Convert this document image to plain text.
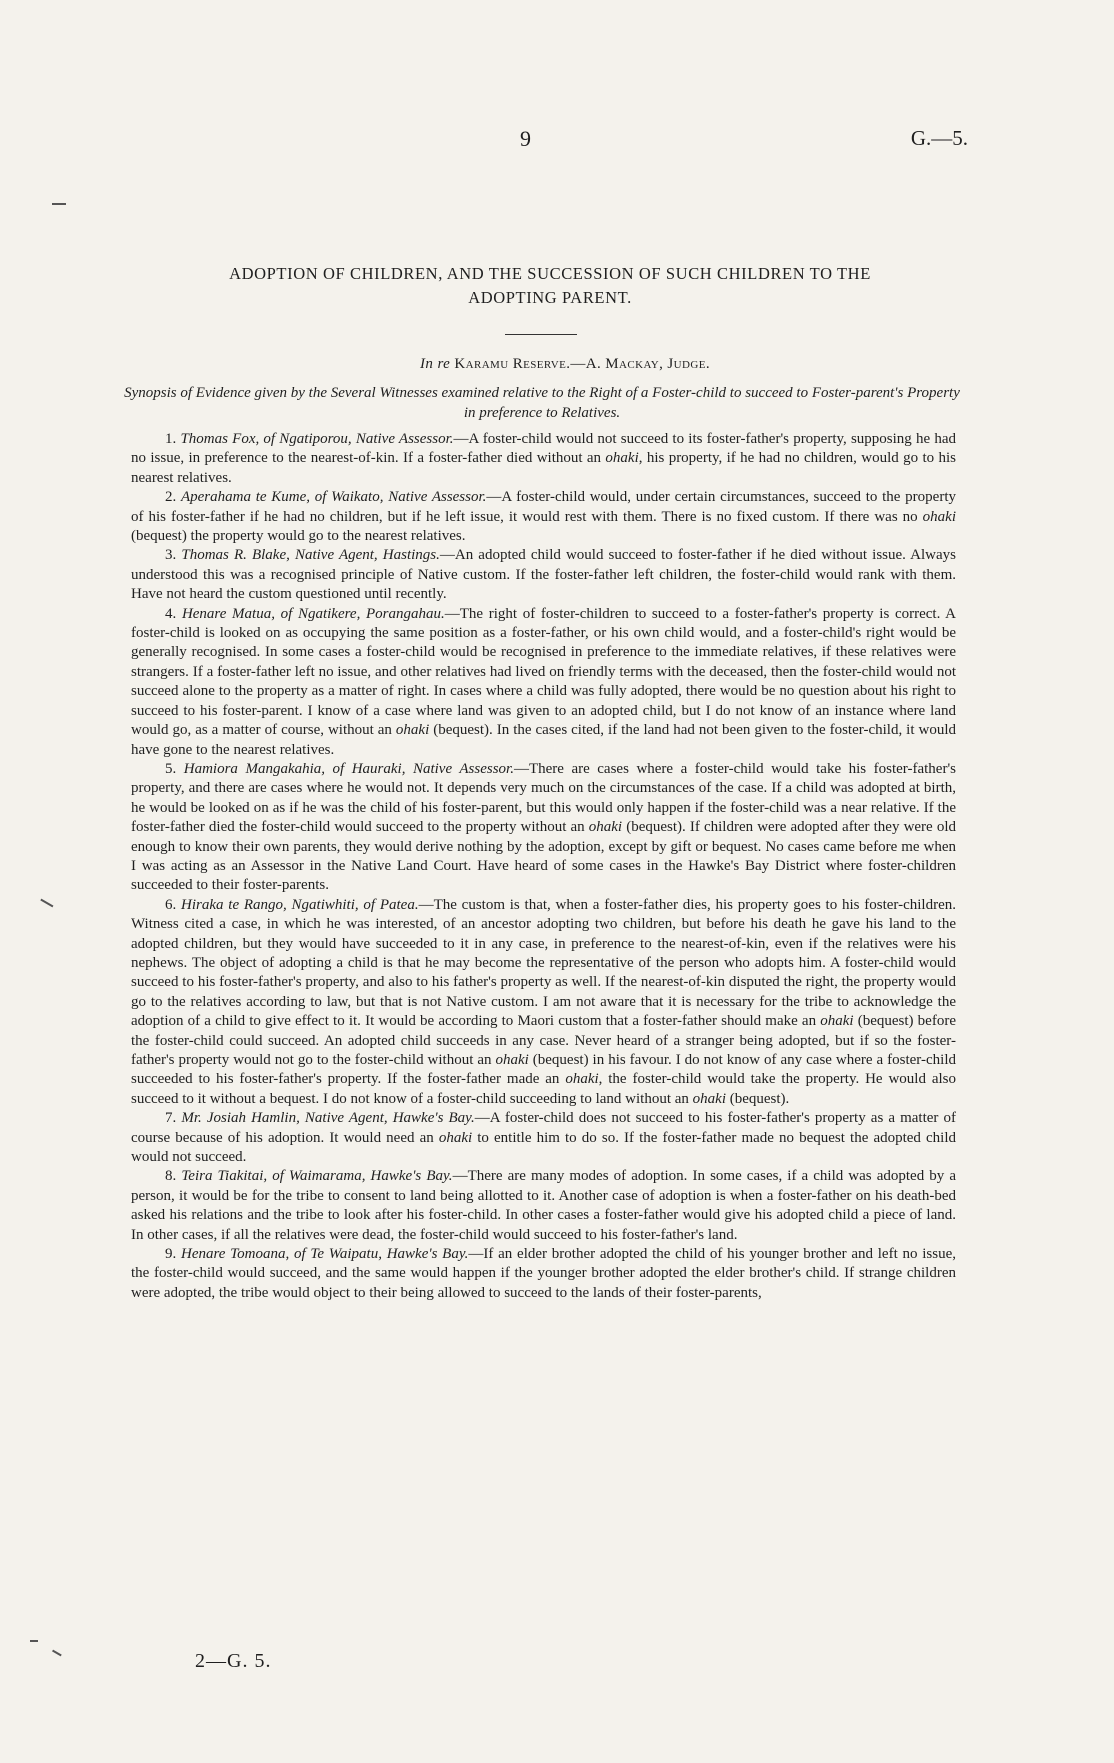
9	G.—5.
ADOPTION OF CHILDREN, AND THE SUCCESSION OF SUCH CHILDREN TO THE
ADOPTING PARENT.
In re Karamu Reserve.—A. Mackay, Judge.
Synopsis of Evidence given by the Several Witnesses examined relative to the Right of a Foster-child to succeed to Foster-parent's Property in preference to Relatives.

1. Thomas Fox, of Ngatiporou, Native Assessor.—A foster-child would not succeed to its foster-father's property, supposing he had no issue, in preference to the nearest-of-kin. If a foster-father died without an ohaki, his property, if he had no children, would go to his nearest relatives.

2. Aperahama te Kume, of Waikato, Native Assessor.—A foster-child would, under certain circumstances, succeed to the property of his foster-father if he had no children, but if he left issue, it would rest with them. There is no fixed custom. If there was no ohaki (bequest) the property would go to the nearest relatives.

3. Thomas R. Blake, Native Agent, Hastings.—An adopted child would succeed to foster-father if he died without issue. Always understood this was a recognised principle of Native custom. If the foster-father left children, the foster-child would rank with them. Have not heard the custom questioned until recently.

4. Henare Matua, of Ngatikere, Porangahau.—The right of foster-children to succeed to a foster-father's property is correct. A foster-child is looked on as occupying the same position as a foster-father, or his own child would, and a foster-child's right would be generally recognised. In some cases a foster-child would be recognised in preference to the immediate relatives, if these relatives were strangers. If a foster-father left no issue, and other relatives had lived on friendly terms with the deceased, then the foster-child would not succeed alone to the property as a matter of right. In cases where a child was fully adopted, there would be no question about his right to succeed to his foster-parent. I know of a case where land was given to an adopted child, but I do not know of an instance where land would go, as a matter of course, without an ohaki (bequest). In the cases cited, if the land had not been given to the foster-child, it would have gone to the nearest relatives.

5. Hamiora Mangakahia, of Hauraki, Native Assessor.—There are cases where a foster-child would take his foster-father's property, and there are cases where he would not. It depends very much on the circumstances of the case. If a child was adopted at birth, he would be looked on as if he was the child of his foster-parent, but this would only happen if the foster-child was a near relative. If the foster-father died the foster-child would succeed to the property without an ohaki (bequest). If children were adopted after they were old enough to know their own parents, they would derive nothing by the adoption, except by gift or bequest. No cases came before me when I was acting as an Assessor in the Native Land Court. Have heard of some cases in the Hawke's Bay District where foster-children succeeded to their foster-parents.

6. Hiraka te Rango, Ngatiwhiti, of Patea.—The custom is that, when a foster-father dies, his property goes to his foster-children. Witness cited a case, in which he was interested, of an ancestor adopting two children, but before his death he gave his land to the adopted children, but they would have succeeded to it in any case, in preference to the nearest-of-kin, even if the relatives were his nephews. The object of adopting a child is that he may become the representative of the person who adopts him. A foster-child would succeed to his foster-father's property, and also to his father's property as well. If the nearest-of-kin disputed the right, the property would go to the relatives according to law, but that is not Native custom. I am not aware that it is necessary for the tribe to acknowledge the adoption of a child to give effect to it. It would be according to Maori custom that a foster-father should make an ohaki (bequest) before the foster-child could succeed. An adopted child succeeds in any case. Never heard of a stranger being adopted, but if so the foster-father's property would not go to the foster-child without an ohaki (bequest) in his favour. I do not know of any case where a foster-child succeeded to his foster-father's property. If the foster-father made an ohaki, the foster-child would take the property. He would also succeed to it without a bequest. I do not know of a foster-child succeeding to land without an ohaki (bequest).

7. Mr. Josiah Hamlin, Native Agent, Hawke's Bay.—A foster-child does not succeed to his foster-father's property as a matter of course because of his adoption. It would need an ohaki to entitle him to do so. If the foster-father made no bequest the adopted child would not succeed.

8. Teira Tiakitai, of Waimarama, Hawke's Bay.—There are many modes of adoption. In some cases, if a child was adopted by a person, it would be for the tribe to consent to land being allotted to it. Another case of adoption is when a foster-father on his death-bed asked his relations and the tribe to look after his foster-child. In other cases a foster-father would give his adopted child a piece of land. In other cases, if all the relatives were dead, the foster-child would succeed to his foster-father's land.

9. Henare Tomoana, of Te Waipatu, Hawke's Bay.—If an elder brother adopted the child of his younger brother and left no issue, the foster-child would succeed, and the same would happen if the younger brother adopted the elder brother's child. If strange children were adopted, the tribe would object to their being allowed to succeed to the lands of their foster-parents,

2—G. 5.
